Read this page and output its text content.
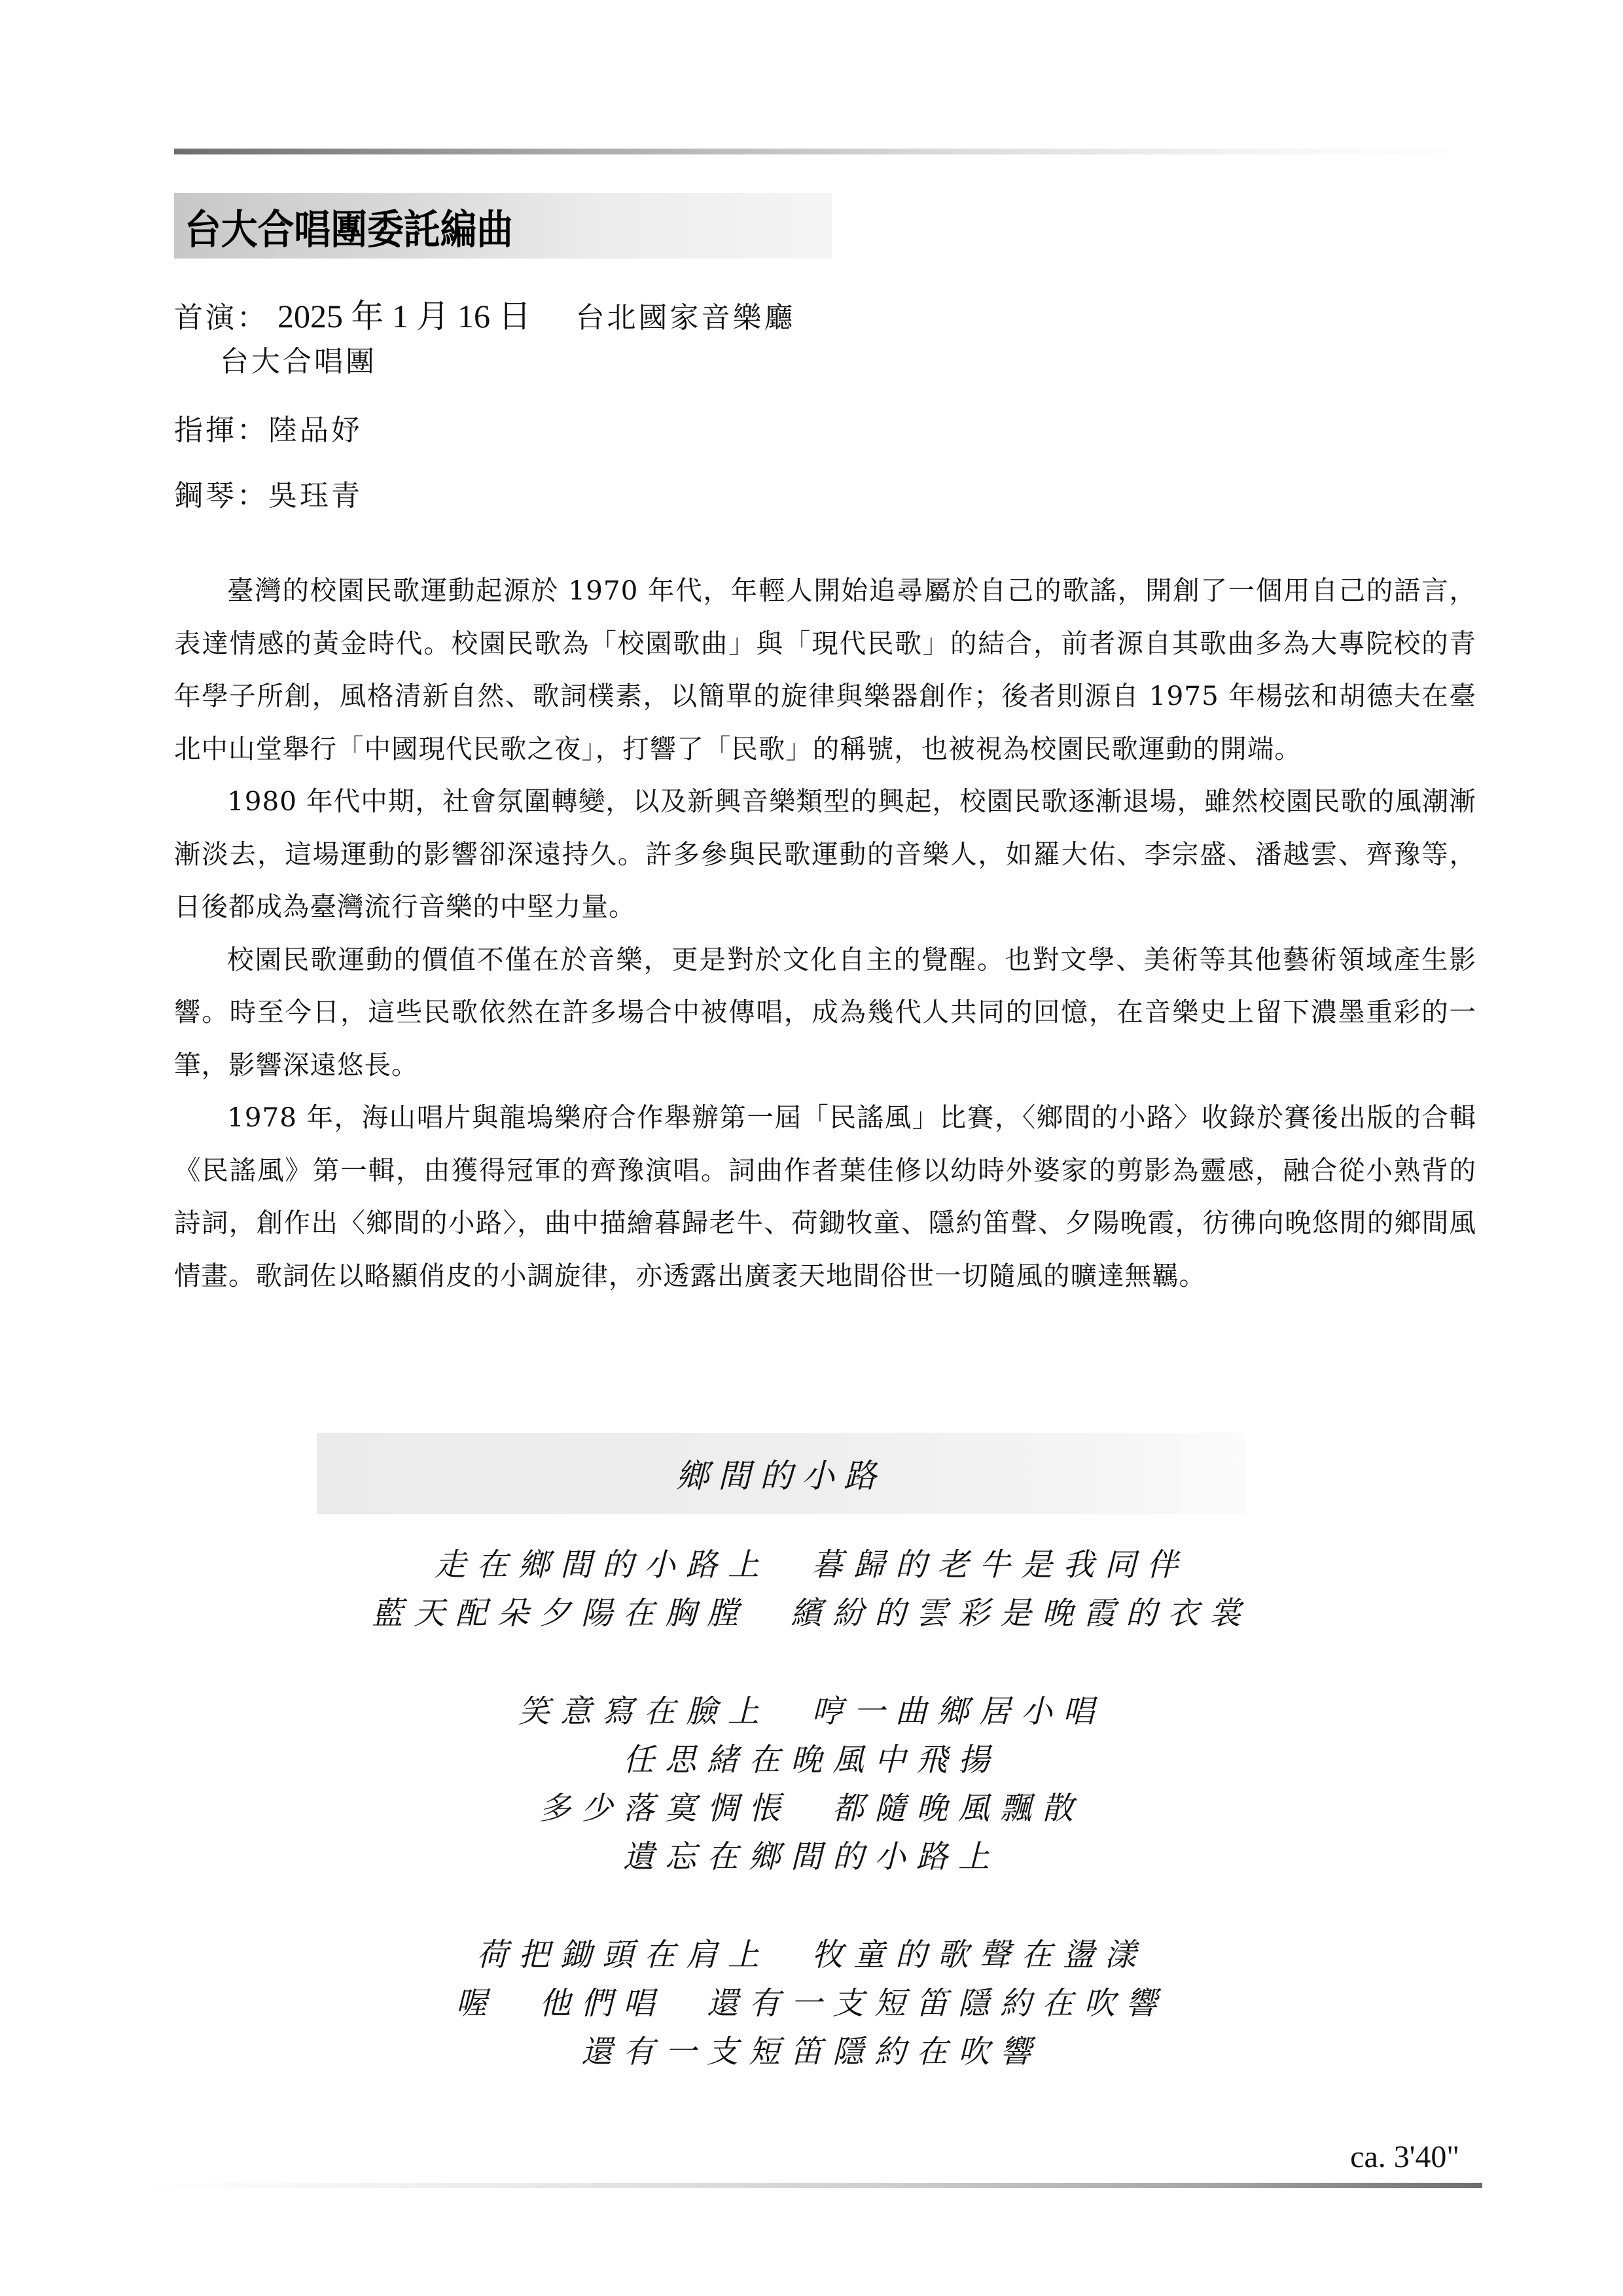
台大合唱團委託編曲
首演： 2025 年 1 月 16 日 台北國家音樂廳
台大合唱團
指揮：陸品妤
鋼琴：吳珏青

臺灣的校園民歌運動起源於 1970 年代，年輕人開始追尋屬於自己的歌謠，開創了一個用自己的語言，表達情感的黃金時代。校園民歌為「校園歌曲」與「現代民歌」的結合，前者源自其歌曲多為大專院校的青年學子所創，風格清新自然、歌詞樸素，以簡單的旋律與樂器創作；後者則源自 1975 年楊弦和胡德夫在臺北中山堂舉行「中國現代民歌之夜」，打響了「民歌」的稱號，也被視為校園民歌運動的開端。

1980 年代中期，社會氛圍轉變，以及新興音樂類型的興起，校園民歌逐漸退場，雖然校園民歌的風潮漸漸淡去，這場運動的影響卻深遠持久。許多參與民歌運動的音樂人，如羅大佑、李宗盛、潘越雲、齊豫等，日後都成為臺灣流行音樂的中堅力量。

校園民歌運動的價值不僅在於音樂，更是對於文化自主的覺醒。也對文學、美術等其他藝術領域產生影響。時至今日，這些民歌依然在許多場合中被傳唱，成為幾代人共同的回憶，在音樂史上留下濃墨重彩的一筆，影響深遠悠長。

1978 年，海山唱片與龍塢樂府合作舉辦第一屆「民謠風」比賽，〈鄉間的小路〉收錄於賽後出版的合輯《民謠風》第一輯，由獲得冠軍的齊豫演唱。詞曲作者葉佳修以幼時外婆家的剪影為靈感，融合從小熟背的詩詞，創作出〈鄉間的小路〉，曲中描繪暮歸老牛、荷鋤牧童、隱約笛聲、夕陽晚霞，彷彿向晚悠閒的鄉間風情畫。歌詞佐以略顯俏皮的小調旋律，亦透露出廣袤天地間俗世一切隨風的曠達無羈。

鄉間的小路
走在鄉間的小路上　暮歸的老牛是我同伴
藍天配朵夕陽在胸膛　繽紛的雲彩是晚霞的衣裳
笑意寫在臉上　哼一曲鄉居小唱
任思緒在晚風中飛揚
多少落寞惆悵　都隨晚風飄散
遺忘在鄉間的小路上
荷把鋤頭在肩上　牧童的歌聲在盪漾
喔　他們唱　還有一支短笛隱約在吹響
還有一支短笛隱約在吹響
ca. 3'40"
